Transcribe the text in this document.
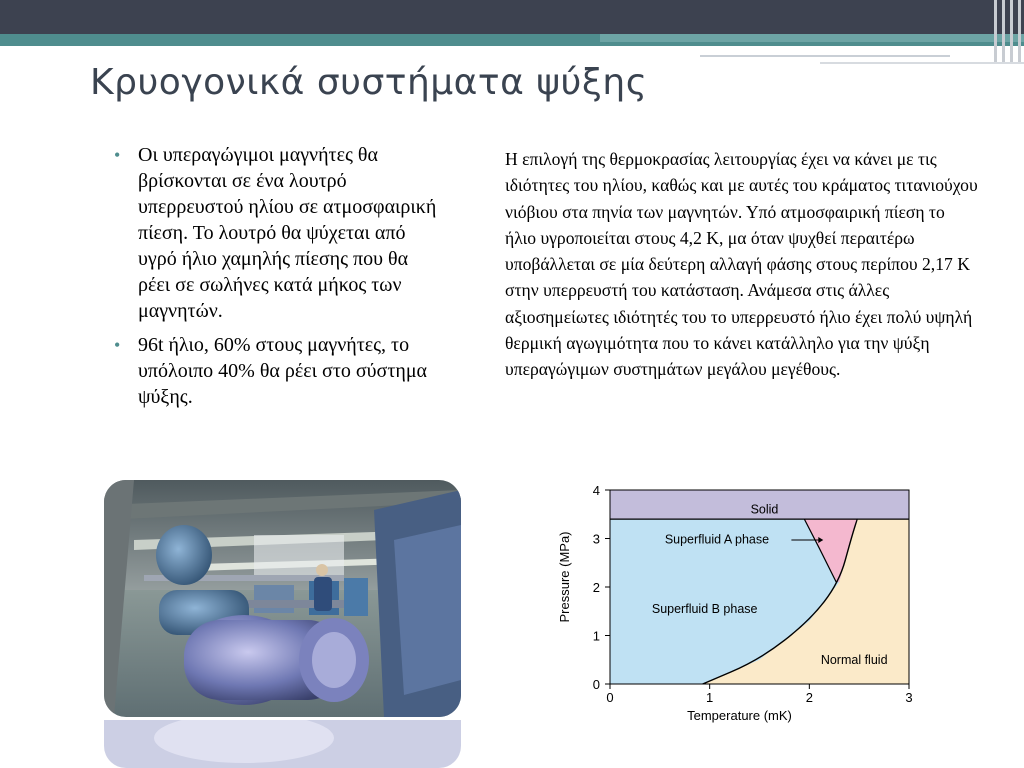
Κρυογονικά συστήματα ψύξης
• Οι υπεραγώγιμοι μαγνήτες θα βρίσκονται σε ένα λουτρό υπερρευστού ηλίου σε ατμοσφαιρική πίεση. Το λουτρό θα ψύχεται από υγρό ήλιο χαμηλής πίεσης που θα ρέει σε σωλήνες κατά μήκος των μαγνητών.
• 96t ήλιο, 60% στους μαγνήτες, το υπόλοιπο 40% θα ρέει στο σύστημα ψύξης.

Η επιλογή της θερμοκρασίας λειτουργίας έχει να κάνει με τις ιδιότητες του ηλίου, καθώς και με αυτές του κράματος τιτανιούχου νιόβιου στα πηνία των μαγνητών. Υπό ατμοσφαιρική πίεση το ήλιο υγροποιείται στους 4,2 K, μα όταν ψυχθεί περαιτέρω υποβάλλεται σε μία δεύτερη αλλαγή φάσης στους περίπου 2,17 K στην υπερρευστή του κατάσταση. Ανάμεσα στις άλλες αξιοσημείωτες ιδιότητές του το υπερρευστό ήλιο έχει πολύ υψηλή θερμική αγωγιμότητα που το κάνει κατάλληλο για την ψύξη υπεραγώγιμων συστημάτων μεγάλου μεγέθους.

0	1	2	3
0
1
2
3
4
Solid
Superfluid A phase
Superfluid B phase
Normal fluid
Temperature (mK)
Pressure (MPa)
